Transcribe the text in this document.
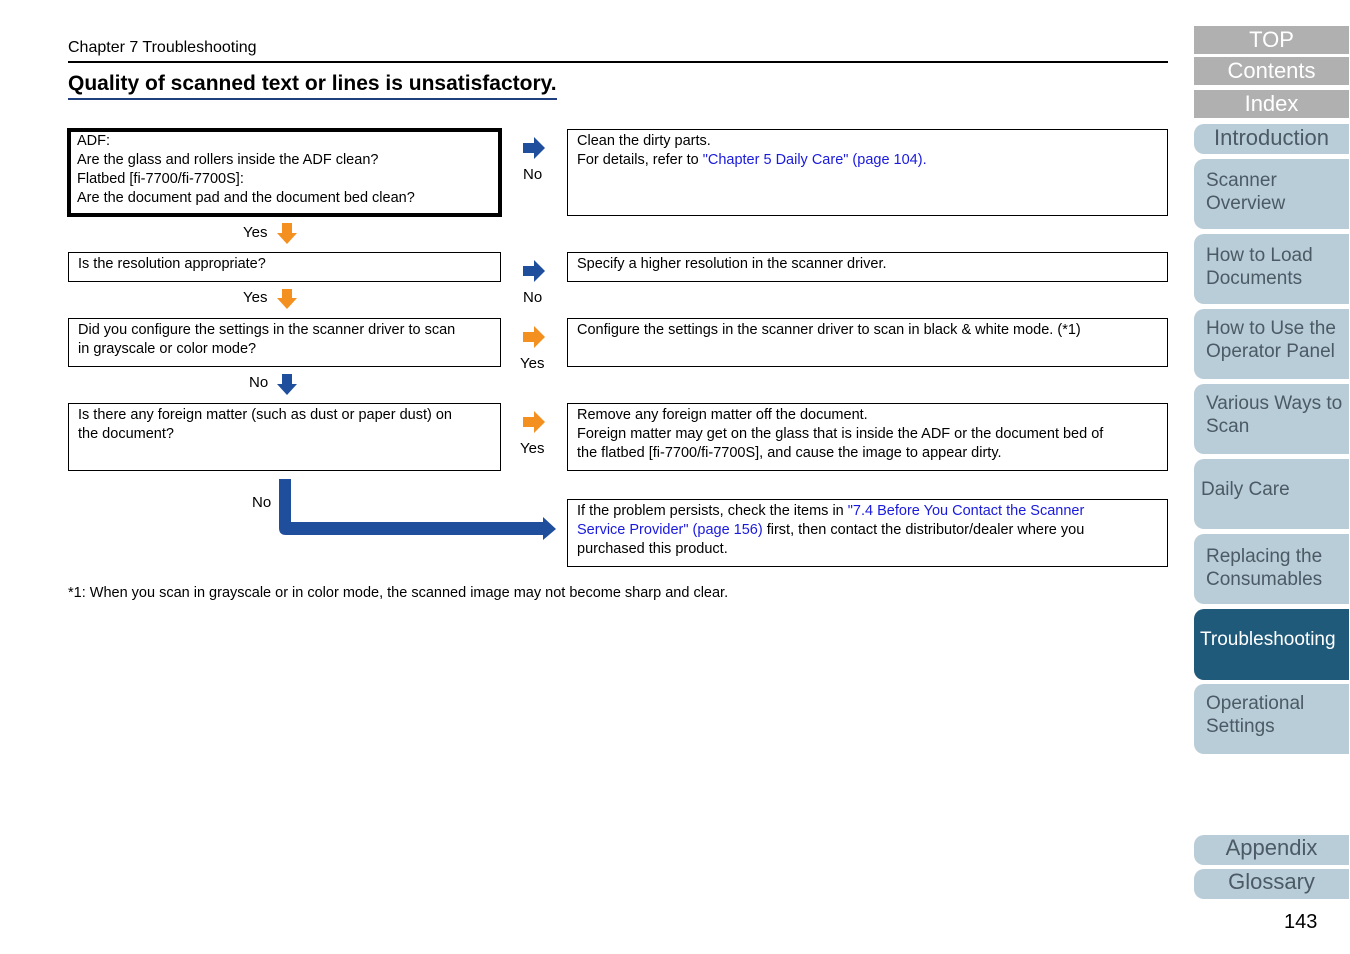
Chapter 7 Troubleshooting
Quality of scanned text or lines is unsatisfactory.
ADF:
Are the glass and rollers inside the ADF clean?
Flatbed [fi-7700/fi-7700S]:
Are the document pad and the document bed clean?
No
Yes
Clean the dirty parts.
For details, refer to "Chapter 5 Daily Care" (page 104).
Is the resolution appropriate?
No
Yes
Specify a higher resolution in the scanner driver.
Did you configure the settings in the scanner driver to scan
in grayscale or color mode?
Yes
No
Configure the settings in the scanner driver to scan in black & white mode. (*1)
Is there any foreign matter (such as dust or paper dust) on
the document?
Yes
No
Remove any foreign matter off the document.
Foreign matter may get on the glass that is inside the ADF or the document bed of
the flatbed [fi-7700/fi-7700S], and cause the image to appear dirty.
If the problem persists, check the items in "7.4 Before You Contact the Scanner
Service Provider" (page 156) first, then contact the distributor/dealer where you
purchased this product.
*1: When you scan in grayscale or in color mode, the scanned image may not become sharp and clear.
TOP
Contents
Index
Introduction
Scanner
Overview
How to Load
Documents
How to Use the
Operator Panel
Various Ways to
Scan
Daily Care
Replacing the
Consumables
Troubleshooting
Operational
Settings
Appendix
Glossary
143
